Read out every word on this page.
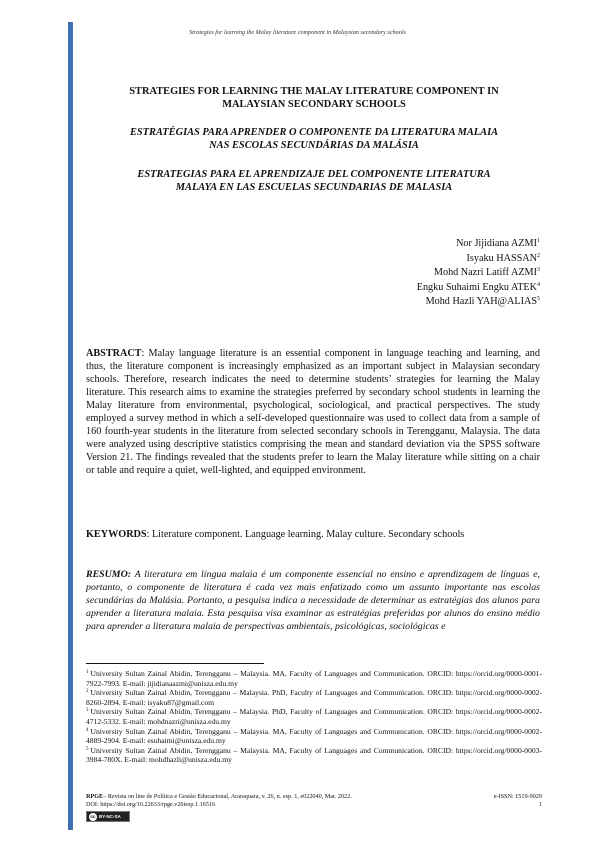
Strategies for learning the Malay literature component in Malaysian secondary schools
STRATEGIES FOR LEARNING THE MALAY LITERATURE COMPONENT IN
MALAYSIAN SECONDARY SCHOOLS
ESTRATÉGIAS PARA APRENDER O COMPONENTE DA LITERATURA MALAIA
NAS ESCOLAS SECUNDÁRIAS DA MALÁSIA
ESTRATEGIAS PARA EL APRENDIZAJE DEL COMPONENTE LITERATURA
MALAYA EN LAS ESCUELAS SECUNDARIAS DE MALASIA
Nor Jijidiana AZMI$^1$
Isyaku HASSAN$^2$
Mohd Nazri Latiff AZMI$^3$
Engku Suhaimi Engku ATEK$^4$
Mohd Hazli YAH@ALIAS$^5$
ABSTRACT: Malay language literature is an essential component in language teaching and learning, and thus, the literature component is increasingly emphasized as an important subject in Malaysian secondary schools. Therefore, research indicates the need to determine students’ strategies for learning the Malay literature. This research aims to examine the strategies preferred by secondary school students in learning the Malay literature from environmental, psychological, sociological, and practical perspectives. The study employed a survey method in which a self-developed questionnaire was used to collect data from a sample of 160 fourth-year students in the literature from selected secondary schools in Terengganu, Malaysia. The data were analyzed using descriptive statistics comprising the mean and standard deviation via the SPSS software Version 21. The findings revealed that the students prefer to learn the Malay literature while sitting on a chair or table and require a quiet, well-lighted, and equipped environment.
KEYWORDS: Literature component. Language learning. Malay culture. Secondary schools
RESUMO: A literatura em língua malaia é um componente essencial no ensino e aprendizagem de línguas e, portanto, o componente de literatura é cada vez mais enfatizado como um assunto importante nas escolas secundárias da Malásia. Portanto, a pesquisa indica a necessidade de determinar as estratégias dos alunos para aprender a literatura malaia. Esta pesquisa visa examinar as estratégias preferidas por alunos do ensino médio para aprender a literatura malaia de perspectivas ambientais, psicológicas, sociológicas e
$^1$ University Sultan Zainal Abidin, Terengganu – Malaysia. MA, Faculty of Languages and Communication. ORCID: https://orcid.org/0000-0001-7922-7993. E-mail: jijidianaazmi@unisza.edu.my
$^2$ University Sultan Zainal Abidin, Terengganu – Malaysia. PhD, Faculty of Languages and Communication. ORCID: https://orcid.org/0000-0002-8260-2894. E-mail: isyaku87@gmail.com
$^3$ University Sultan Zainal Abidin, Terengganu – Malaysia. PhD, Faculty of Languages and Communication. ORCID: https://orcid.org/0000-0002-4712-5332. E-mail: mohdnazri@unisza.edu.my
$^4$ University Sultan Zainal Abidin, Terengganu – Malaysia. MA, Faculty of Languages and Communication. ORCID: https://orcid.org/0000-0002-4889-2904. E-mail: esuhaimi@unisza.edu.my
$^5$ University Sultan Zainal Abidin, Terengganu – Malaysia. MA, Faculty of Languages and Communication. ORCID: https://orcid.org/0000-0003-3984-780X. E-mail: mohdhazli@unisza.edu.my
RPGE– Revista on line de Política e Gestão Educacional, Araraquara, v. 26, n. esp. 1, e022040, Mar. 2022.	e-ISSN: 1519-9029
DOI: https://doi.org/10.22633/rpge.v26iesp.1.16516	1
cc BY-NC-SA
